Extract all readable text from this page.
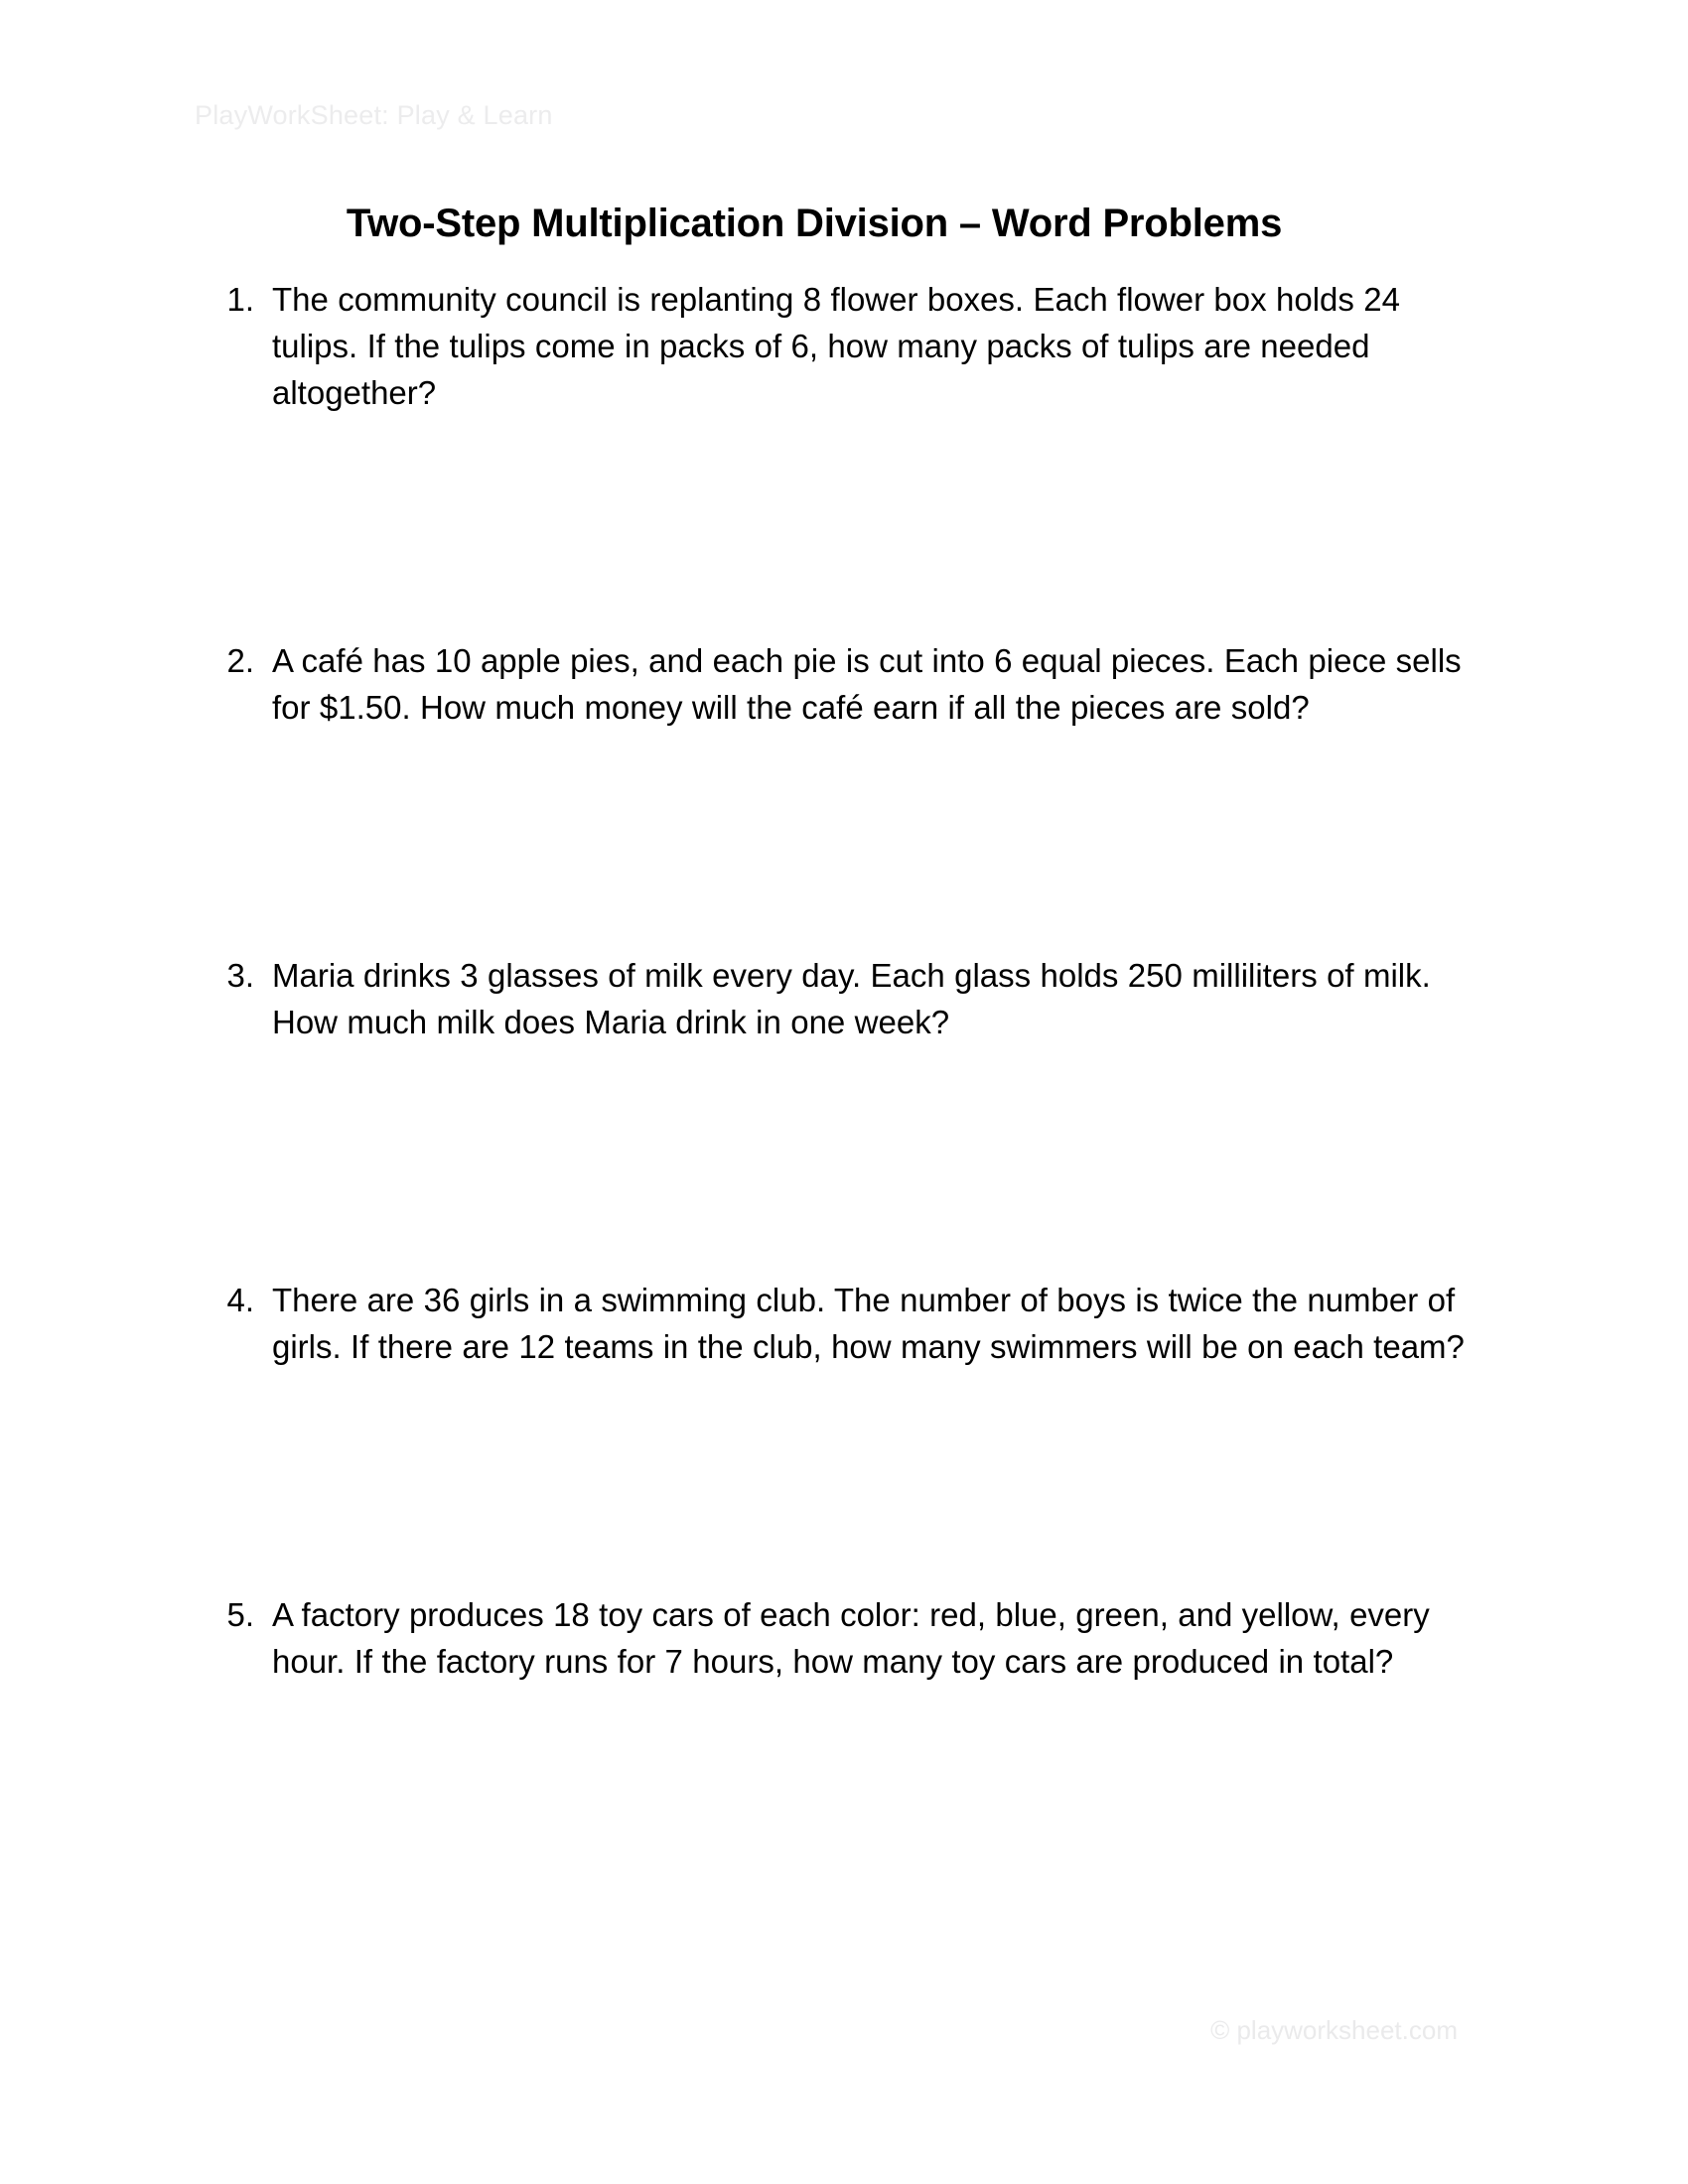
PlayWorkSheet: Play & Learn
Two-Step Multiplication Division – Word Problems
1. The community council is replanting 8 flower boxes. Each flower box holds 24 tulips. If the tulips come in packs of 6, how many packs of tulips are needed altogether?
2. A café has 10 apple pies, and each pie is cut into 6 equal pieces. Each piece sells for $1.50. How much money will the café earn if all the pieces are sold?
3. Maria drinks 3 glasses of milk every day. Each glass holds 250 milliliters of milk. How much milk does Maria drink in one week?
4. There are 36 girls in a swimming club. The number of boys is twice the number of girls. If there are 12 teams in the club, how many swimmers will be on each team?
5. A factory produces 18 toy cars of each color: red, blue, green, and yellow, every hour. If the factory runs for 7 hours, how many toy cars are produced in total?
© playworksheet.com
